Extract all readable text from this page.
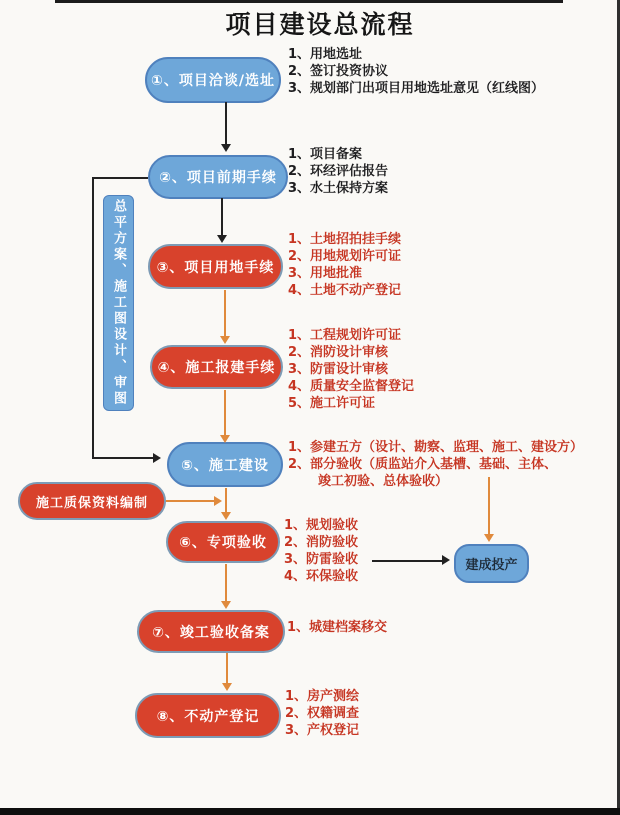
项目建设总流程
①、项目洽谈/选址
②、项目前期手续
③、项目用地手续
④、施工报建手续
⑤、施工建设
⑥、专项验收
⑦、竣工验收备案
⑧、不动产登记
总平方案、施工图设计、审图
施工质保资料编制
建成投产
1、用地选址
2、签订投资协议
3、规划部门出项目用地选址意见（红线图）
1、项目备案
2、环经评估报告
3、水土保持方案
1、土地招拍挂手续
2、用地规划许可证
3、用地批准
4、土地不动产登记
1、工程规划许可证
2、消防设计审核
3、防雷设计审核
4、质量安全监督登记
5、施工许可证
1、参建五方（设计、勘察、监理、施工、建设方）
2、部分验收（质监站介入基槽、基础、主体、
竣工初验、总体验收）
1、规划验收
2、消防验收
3、防雷验收
4、环保验收
1、城建档案移交
1、房产测绘
2、权籍调查
3、产权登记
